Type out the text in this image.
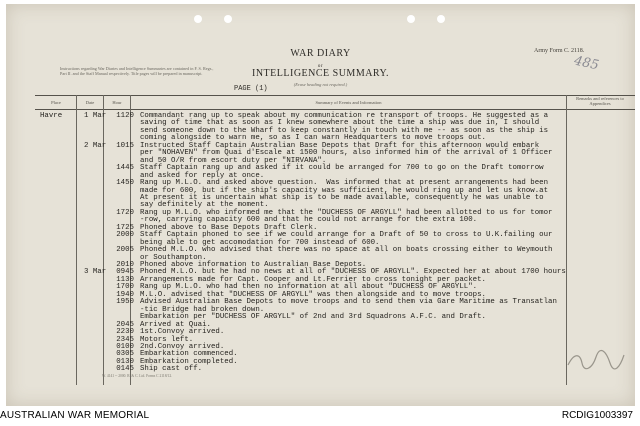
Instructions regarding War Diaries and Intelligence Summaries are contained in F. S. Regs., Part II. and the Staff Manual respectively. Title pages will be prepared in manuscript.
WAR DIARY
or
INTELLIGENCE SUMMARY.
(Erase heading not required.)
Army Form C. 2118.
485
PAGE (1)
Place	Date	Hour	Summary of Events and Information
Remarks and references to Appendices
Havre	1 Mar	1120 Commandant rang up to speak about my communication re transport of troops. He suggested as a
saving of time that as soon as I knew somewhere about the time a ship was due in, I should
send someone down to the Wharf to keep constantly in touch with me -- as soon as the ship is
coming alongside to warn me, so as I can warn Headquarters to move troops out.
2 Mar	1015 Instructed Staff Captain Australian Base Depots that Draft for this afternoon would embark
per "NOHAVEN" from Quai d'Escale at 1500 hours, also informed him of the arrival of 1 Officer
and 50 O/R from escort duty per "NIRVANA".
1445 Staff Captain rang up and asked if it could be arranged for 700 to go on the Draft tomorrow
and asked for reply at once.
1450 Rang up M.L.O. and asked above question.  Was informed that at present arrangements had been
made for 600, but if the ship's capacity was sufficient, he would ring up and let us know.at
At present it is uncertain what ship is to be made available, consequently he was unable to
say definitely at the moment.
1720 Rang up M.L.O. who informed me that the "DUCHESS OF ARGYLL" had been allotted to us for tomor
-row, carrying capacity 600 and that he could not arrange for the extra 100.
1725 Phoned above to Base Depots Draft Clerk.
2000 Staff Captain phoned to see if we could arrange for a Draft of 50 to cross to U.K.failing our
being able to get accomodation for 700 instead of 600.
2005 Phoned M.L.O. who advised that there was no space at all on boats crossing either to Weymouth
or Southampton.
2010 Phoned above information to Australian Base Depots.
3 Mar	0945 Phoned M.L.O. but he had no news at all of "DUCHESS OF ARGYLL". Expected her at about 1700 hours
1130 Arrangements made for Capt. Cooper and Lt.Ferrier to cross tonight per packet.
1700 Rang up M.L.O. who had then no information at all about "DUCHESS OF ARGYLL".
1940 M.L.O. advised that "DUCHESS OF ARGYLL" was then alongside and to move troops.
1950 Advised Australian Base Depots to move troops and to send them via Gare Maritime as Transatlan
-tic Bridge had broken down.
Embarkation per "DUCHESS OF ARGYLL" of 2nd and 3rd Squadrons A.F.C. and Draft.
2045 Arrived at Quai.
2230 1st.Convoy arrived.
2345 Motors left.
0100 2nd.Convoy arrived.
0305 Embarkation commenced.
0130 Embarkation completed.
0145 Ship cast off.
W. 4141 -- 2000. R. & C. Ltd. Forms C 2118/12.
AUSTRALIAN WAR MEMORIAL	RCDIG1003397
